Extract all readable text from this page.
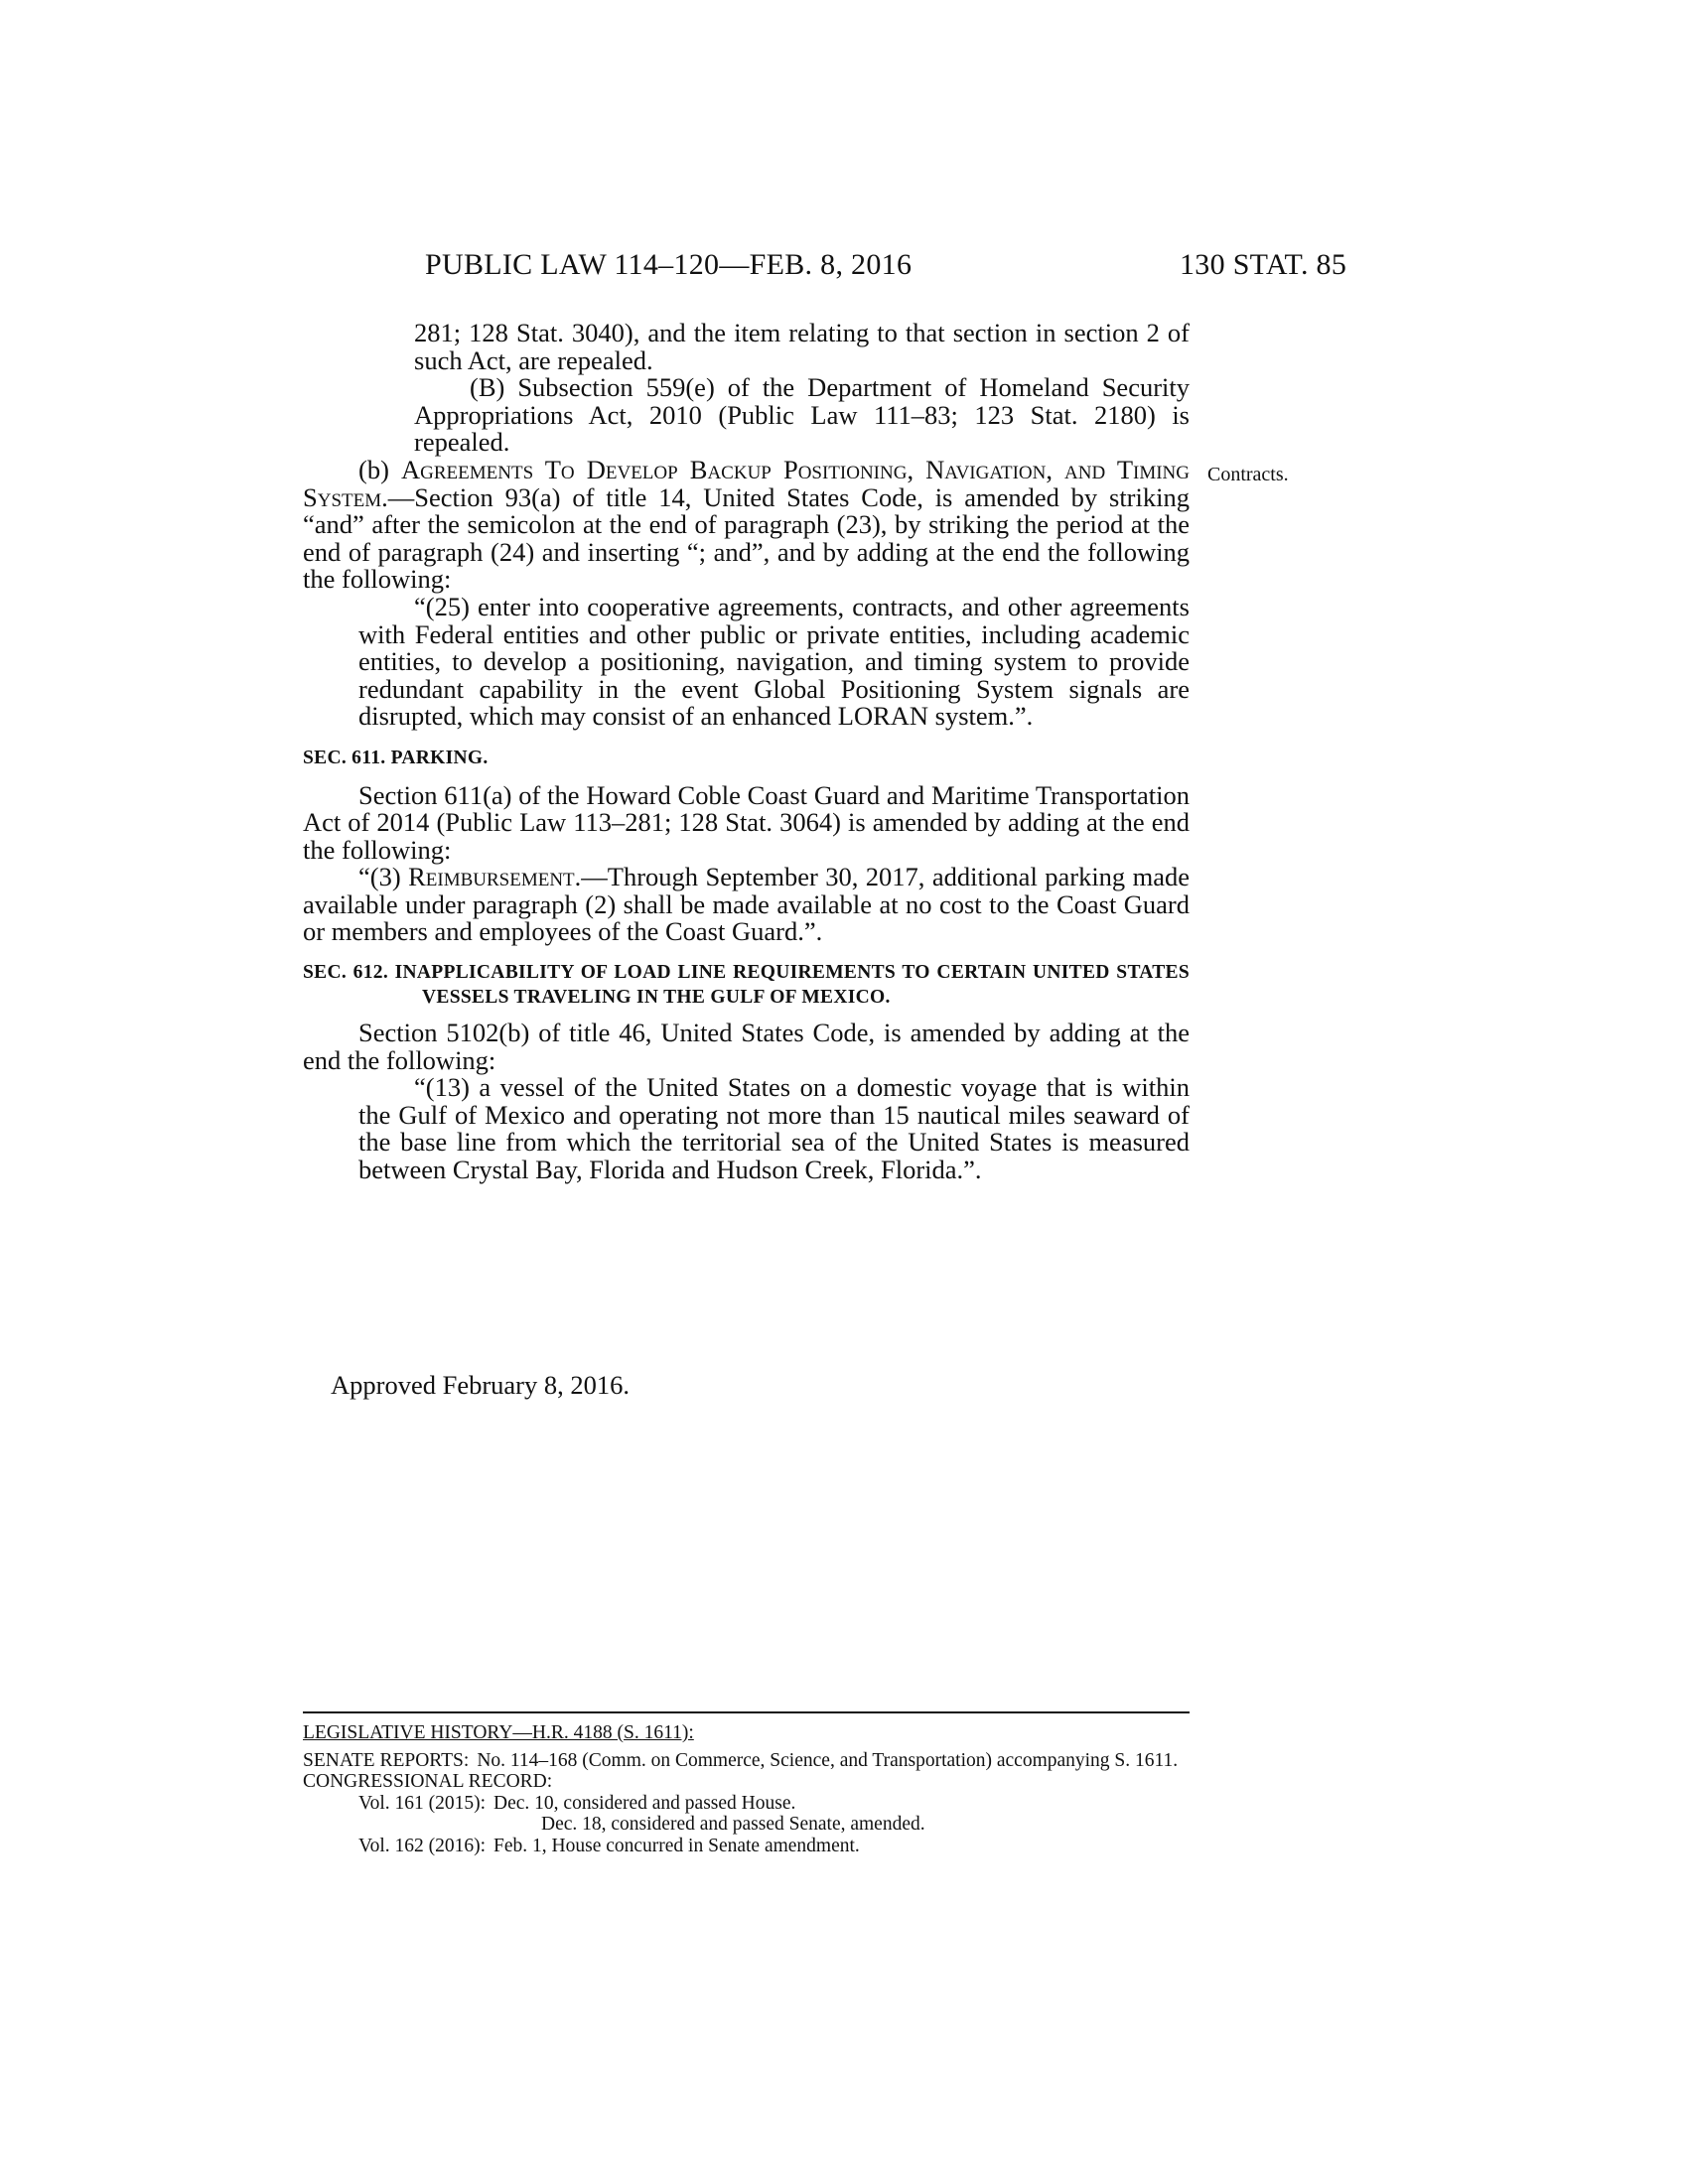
PUBLIC LAW 114–120—FEB. 8, 2016	130 STAT. 85
Contracts.

281; 128 Stat. 3040), and the item relating to that section in section 2 of such Act, are repealed.

(B) Subsection 559(e) of the Department of Homeland Security Appropriations Act, 2010 (Public Law 111–83; 123 Stat. 2180) is repealed.

(b) Agreements To Develop Backup Positioning, Navigation, and Timing System.—Section 93(a) of title 14, United States Code, is amended by striking “and” after the semicolon at the end of paragraph (23), by striking the period at the end of paragraph (24) and inserting “; and”, and by adding at the end the following the following:

“(25) enter into cooperative agreements, contracts, and other agreements with Federal entities and other public or private entities, including academic entities, to develop a positioning, navigation, and timing system to provide redundant capability in the event Global Positioning System signals are disrupted, which may consist of an enhanced LORAN system.”.

SEC. 611. PARKING.

Section 611(a) of the Howard Coble Coast Guard and Maritime Transportation Act of 2014 (Public Law 113–281; 128 Stat. 3064) is amended by adding at the end the following:

“(3) Reimbursement.—Through September 30, 2017, additional parking made available under paragraph (2) shall be made available at no cost to the Coast Guard or members and employees of the Coast Guard.”.

SEC. 612. INAPPLICABILITY OF LOAD LINE REQUIREMENTS TO CERTAIN UNITED STATES VESSELS TRAVELING IN THE GULF OF MEXICO.

Section 5102(b) of title 46, United States Code, is amended by adding at the end the following:

“(13) a vessel of the United States on a domestic voyage that is within the Gulf of Mexico and operating not more than 15 nautical miles seaward of the base line from which the territorial sea of the United States is measured between Crystal Bay, Florida and Hudson Creek, Florida.”.

Approved February 8, 2016.

LEGISLATIVE HISTORY—H.R. 4188 (S. 1611):

SENATE REPORTS: No. 114–168 (Comm. on Commerce, Science, and Transportation) accompanying S. 1611.

CONGRESSIONAL RECORD:

Vol. 161 (2015): Dec. 10, considered and passed House.

Dec. 18, considered and passed Senate, amended.

Vol. 162 (2016): Feb. 1, House concurred in Senate amendment.
